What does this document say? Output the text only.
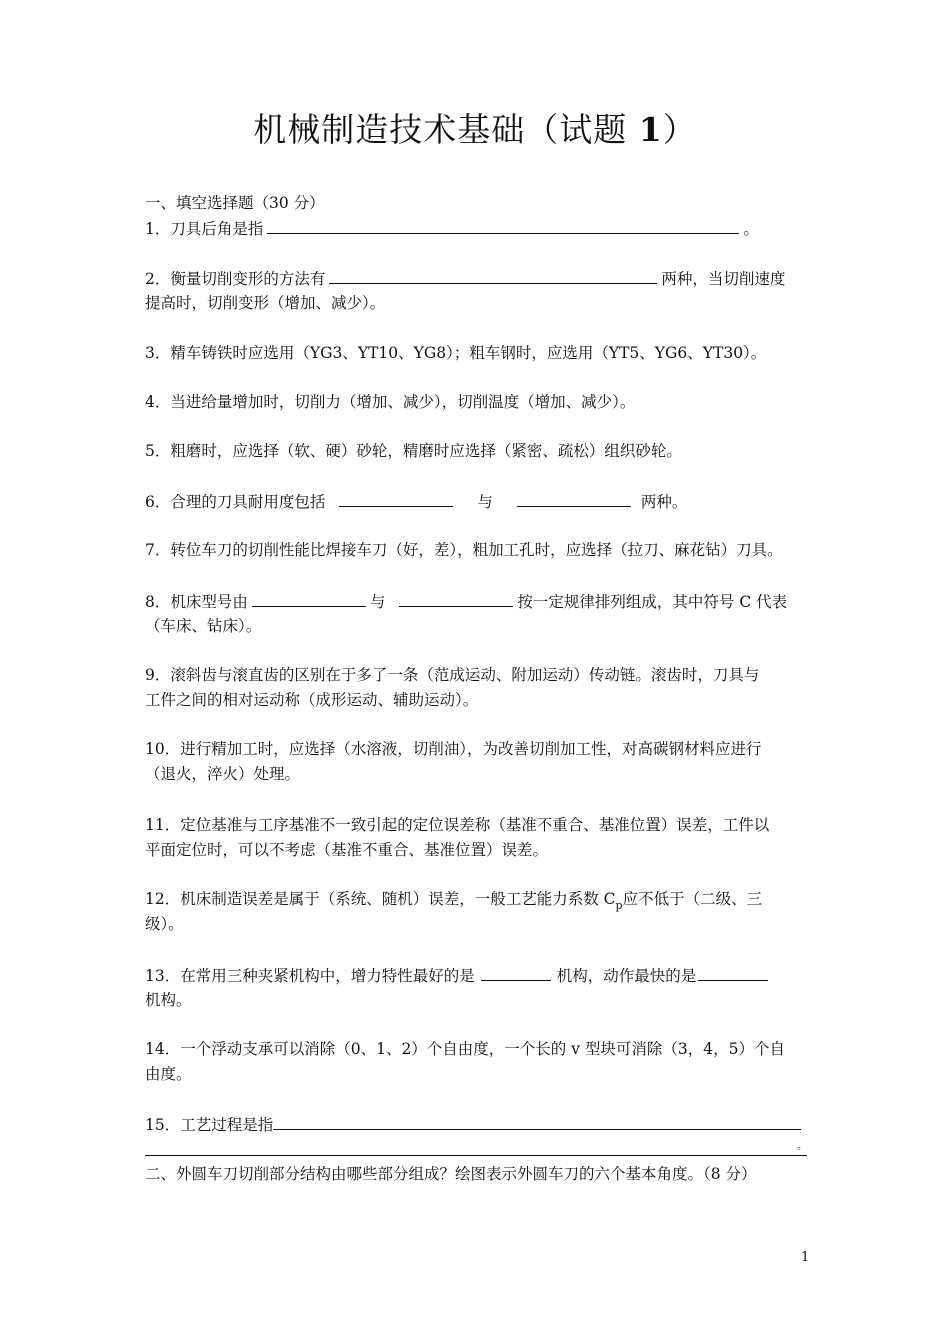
机械制造技术基础（试题 1）
一、填空选择题（30 分）
1．刀具后角是指	。
2．衡量切削变形的方法有	两种，当切削速度
提高时，切削变形（增加、减少）。
3．精车铸铁时应选用（YG3、YT10、YG8）；粗车钢时，应选用（YT5、YG6、YT30）。
4．当进给量增加时，切削力（增加、减少），切削温度（增加、减少）。
5．粗磨时，应选择（软、硬）砂轮，精磨时应选择（紧密、疏松）组织砂轮。
6．合理的刀具耐用度包括	与	两种。
7．转位车刀的切削性能比焊接车刀（好，差），粗加工孔时，应选择（拉刀、麻花钻）刀具。
8．机床型号由	与	按一定规律排列组成，其中符号 C 代表
（车床、钻床）。
9．滚斜齿与滚直齿的区别在于多了一条（范成运动、附加运动）传动链。滚齿时，刀具与
工件之间的相对运动称（成形运动、辅助运动）。
10．进行精加工时，应选择（水溶液，切削油），为改善切削加工性，对高碳钢材料应进行
（退火，淬火）处理。
11．定位基准与工序基准不一致引起的定位误差称（基准不重合、基准位置）误差，工件以
平面定位时，可以不考虑（基准不重合、基准位置）误差。
12．机床制造误差是属于（系统、随机）误差，一般工艺能力系数 $C_p$应不低于（二级、三
级）。
13．在常用三种夹紧机构中，增力特性最好的是	机构，动作最快的是
机构。
14．一个浮动支承可以消除（0、1、2）个自由度，一个长的 v 型块可消除（3，4，5）个自
由度。
15．工艺过程是指
。
二、外圆车刀切削部分结构由哪些部分组成？绘图表示外圆车刀的六个基本角度。（8 分）
1
